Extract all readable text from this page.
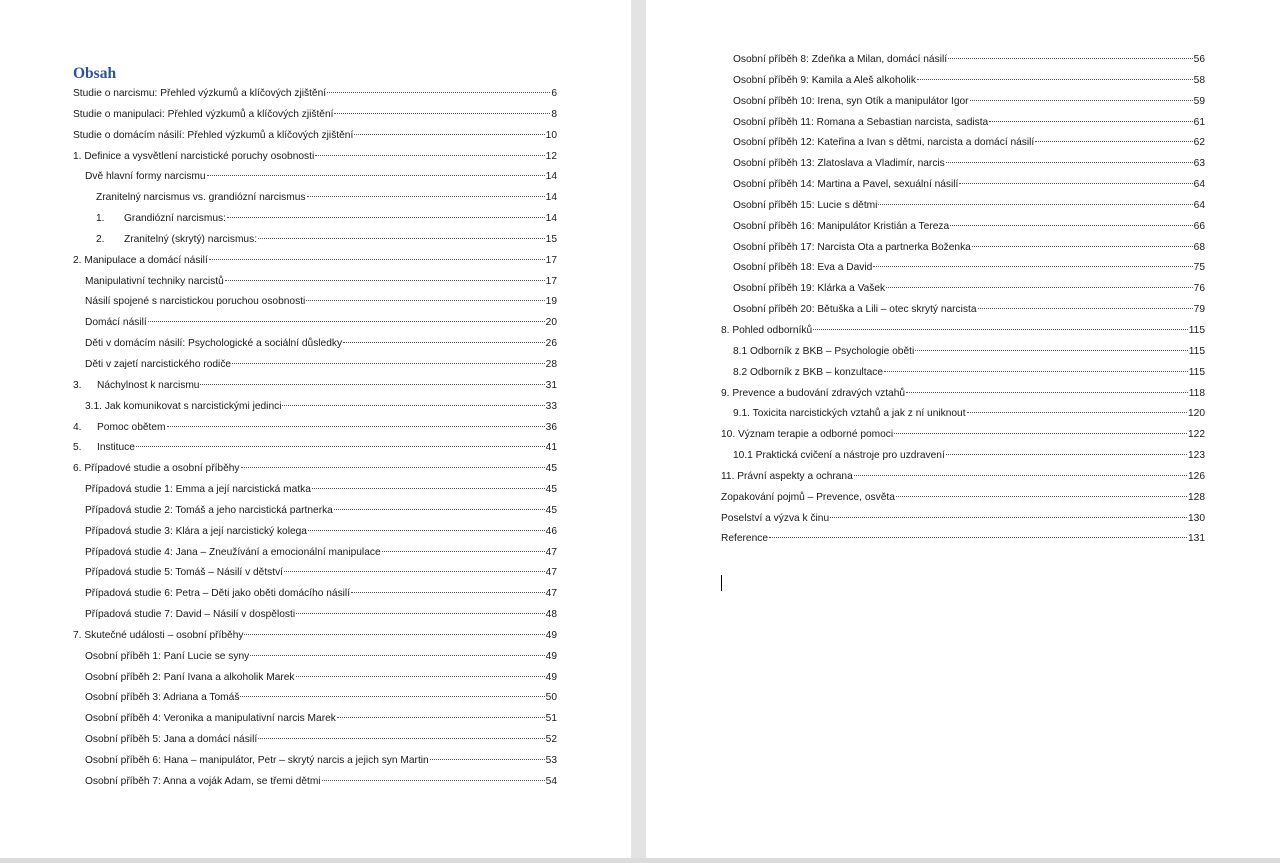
Obsah
Studie o narcismu: Přehled výzkumů a klíčových zjištění	6
Studie o manipulaci: Přehled výzkumů a klíčových zjištění	8
Studie o domácím násilí: Přehled výzkumů a klíčových zjištění	10
1. Definice a vysvětlení narcistické poruchy osobnosti	12
Dvě hlavní formy narcismu	14
Zranitelný narcismus vs. grandiózní narcismus	14
1.	Grandiózní narcismus:	14
2.	Zranitelný (skrytý) narcismus:	15
2. Manipulace a domácí násilí	17
Manipulativní techniky narcistů	17
Násilí spojené s narcistickou poruchou osobnosti	19
Domácí násilí	20
Děti v domácím násilí: Psychologické a sociální důsledky	26
Děti v zajetí narcistického rodiče	28
3.	Náchylnost k narcismu	31
3.1. Jak komunikovat s narcistickými jedinci	33
4.	Pomoc obětem	36
5.	Instituce	41
6. Případové studie a osobní příběhy	45
Případová studie 1: Emma a její narcistická matka	45
Případová studie 2: Tomáš a jeho narcistická partnerka	45
Případová studie 3: Klára a její narcistický kolega	46
Případová studie 4: Jana – Zneužívání a emocionální manipulace	47
Případová studie 5: Tomáš – Násilí v dětství	47
Případová studie 6: Petra – Děti jako oběti domácího násilí	47
Případová studie 7: David – Násilí v dospělosti	48
7. Skutečné události – osobní příběhy	49
Osobní příběh 1: Paní Lucie se syny	49
Osobní příběh 2: Paní Ivana a alkoholik Marek	49
Osobní příběh 3: Adriana a Tomáš	50
Osobní příběh 4: Veronika a manipulativní narcis Marek	51
Osobní příběh 5: Jana a domácí násilí	52
Osobní příběh 6: Hana – manipulátor, Petr – skrytý narcis a jejich syn Martin	53
Osobní příběh 7: Anna a voják Adam, se třemi dětmi	54
Osobní příběh 8: Zdeňka a Milan, domácí násilí	56
Osobní příběh 9: Kamila a Aleš alkoholik	58
Osobní příběh 10: Irena, syn Otík a manipulátor Igor	59
Osobní příběh 11: Romana a Sebastian narcista, sadista	61
Osobní příběh 12: Kateřina a Ivan s dětmi, narcista a domácí násilí	62
Osobní příběh 13: Zlatoslava a Vladimír, narcis	63
Osobní příběh 14: Martina a Pavel, sexuální násilí	64
Osobní příběh 15: Lucie s dětmi	64
Osobní příběh 16: Manipulátor Kristián a Tereza	66
Osobní příběh 17: Narcista Ota a partnerka Boženka	68
Osobní příběh 18: Eva a David	75
Osobní příběh 19: Klárka a Vašek	76
Osobní příběh 20: Bětuška a Lili – otec skrytý narcista	79
8. Pohled odborníků	115
8.1 Odborník z BKB – Psychologie oběti	115
8.2 Odborník z BKB – konzultace	115
9. Prevence a budování zdravých vztahů	118
9.1. Toxicita narcistických vztahů a jak z ní uniknout	120
10. Význam terapie a odborné pomoci	122
10.1 Praktická cvičení a nástroje pro uzdravení	123
11. Právní aspekty a ochrana	126
Zopakování pojmů – Prevence, osvěta	128
Poselství a výzva k činu	130
Reference	131
